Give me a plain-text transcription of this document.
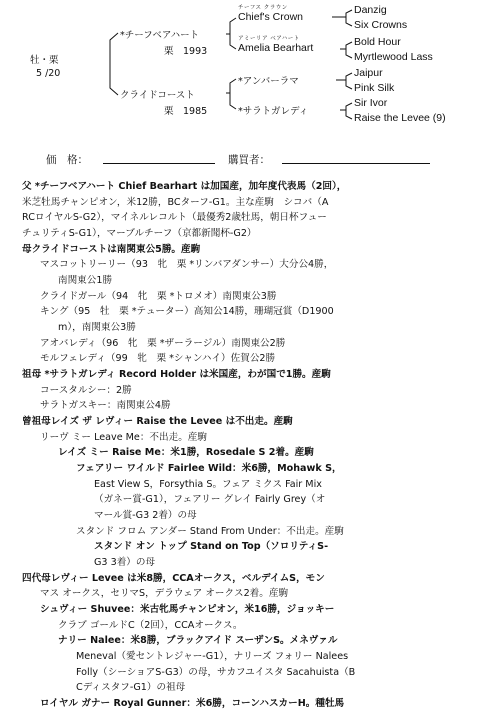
牡・栗
5 /20
*チーフベアハート
栗　1993
クライドコースト
栗　1985
チーフス クラウン
Chief's Crown
アミーリア ベアハート
Amelia Bearhart
*アンバーラマ
*サラトガレディ
Danzig
Six Crowns
Bold Hour
Myrtlewood Lass
Jaipur
Pink Silk
Sir Ivor
Raise the Levee (9)
価　格：	購買者：
父 *チーフベアハート Chief Bearhart は加国産，加年度代表馬（2回），
米芝牡馬チャンピオン，米12勝，BCターフ-G1。主な産駒　シコバ（A
RCロイヤルS-G2），マイネルレコルト（最優秀2歳牡馬，朝日杯フュー
チュリティS-G1），マーブルチーフ（京都新聞杯-G2）
母クライドコーストは南関東公5勝。産駒
マスコットリーリー（93　牝　栗 *リンバアダンサー）大分公4勝，
南関東公1勝
クライドガール（94　牝　栗 *トロメオ）南関東公3勝
キング（95　牡　栗 *テューター）高知公14勝，珊瑚冠賞（D1900
m），南関東公3勝
アオバレディ（96　牝　栗 *ザーラージル）南関東公2勝
モルフェレディ（99　牝　栗 *シャンハイ）佐賀公2勝
祖母 *サラトガレディ Record Holder は米国産，わが国で1勝。産駒
コースタルシー：2勝
サラトガスキー：南関東公4勝
曾祖母レイズ ザ レヴィー Raise the Levee は不出走。産駒
リーヴ ミー Leave Me：不出走。産駒
レイズ ミー Raise Me：米1勝，Rosedale S 2着。産駒
フェアリー ワイルド Fairlee Wild：米6勝，Mohawk S，
East View S，Forsythia S。フェア ミクス Fair Mix
（ガネー賞-G1），フェアリー グレイ Fairly Grey（オ
マール賞-G3 2着）の母
スタンド フロム アンダー Stand From Under：不出走。産駒
スタンド オン トップ Stand on Top（ソロリティS-
G3 3着）の母
四代母レヴィー Levee は米8勝，CCAオークス，ベルデイムS，モン
マス オークス，セリマS，デラウェア オークス2着。産駒
シュヴィー Shuvee：米古牝馬チャンピオン，米16勝，ジョッキー
クラブ ゴールドC（2回），CCAオークス。
ナリー Nalee：米8勝，ブラックアイド スーザンS。メネヴァル
Meneval（愛セントレジャー-G1），ナリーズ フォリー Nalees
Folly（シーショアS-G3）の母，サカフユイスタ Sacahuista（B
Cディスタフ-G1）の祖母
ロイヤル ガナー Royal Gunner：米6勝，コーンハスカーH。種牡馬
